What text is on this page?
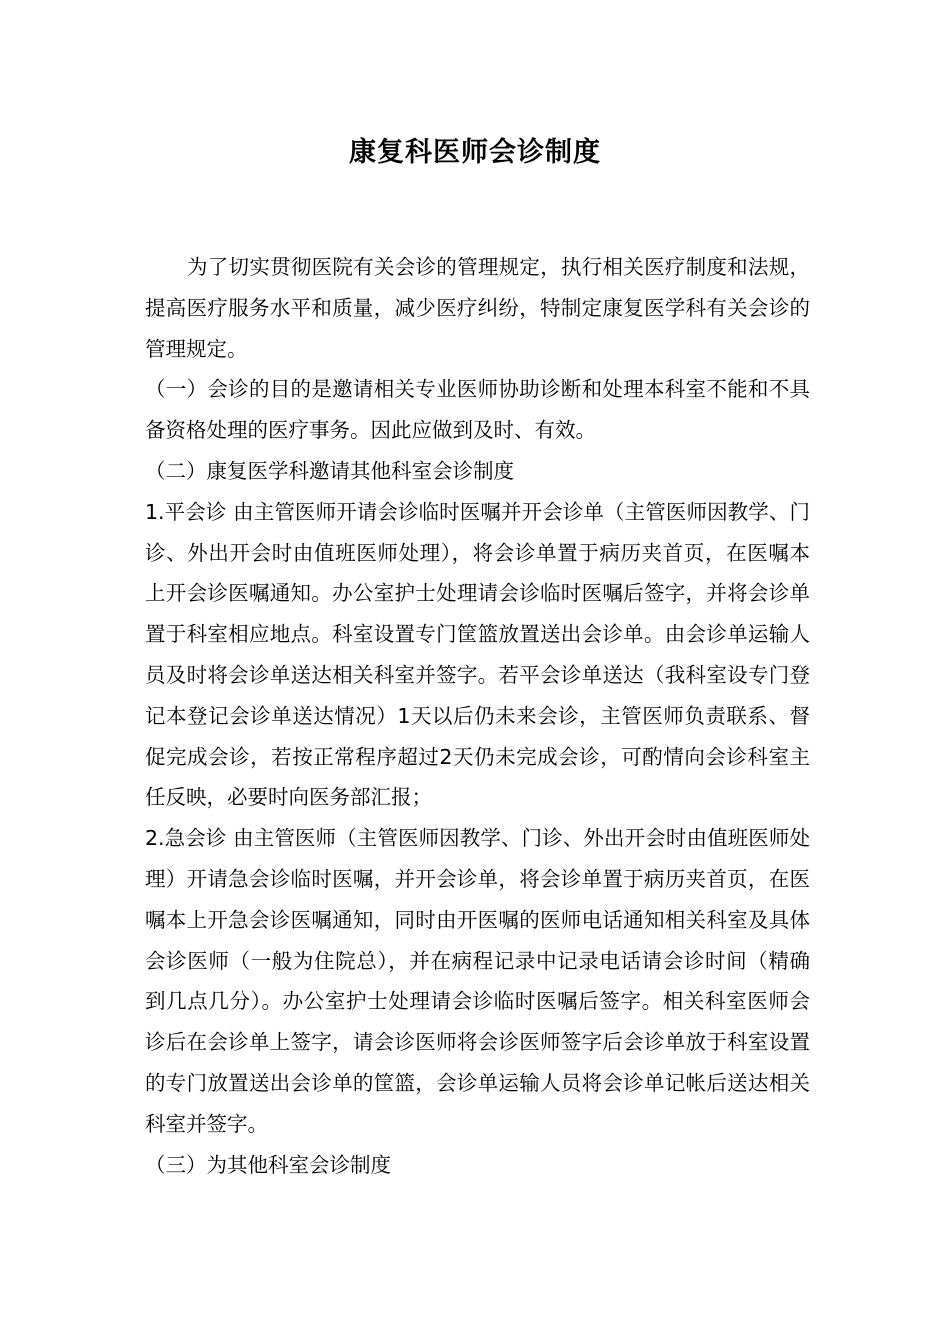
康复科医师会诊制度

为了切实贯彻医院有关会诊的管理规定，执行相关医疗制度和法规，提高医疗服务水平和质量，减少医疗纠纷，特制定康复医学科有关会诊的管理规定。

（一）会诊的目的是邀请相关专业医师协助诊断和处理本科室不能和不具备资格处理的医疗事务。因此应做到及时、有效。

（二）康复医学科邀请其他科室会诊制度

1.平会诊 由主管医师开请会诊临时医嘱并开会诊单（主管医师因教学、门诊、外出开会时由值班医师处理），将会诊单置于病历夹首页，在医嘱本上开会诊医嘱通知。办公室护士处理请会诊临时医嘱后签字，并将会诊单置于科室相应地点。科室设置专门筐篮放置送出会诊单。由会诊单运输人员及时将会诊单送达相关科室并签字。若平会诊单送达（我科室设专门登记本登记会诊单送达情况）1天以后仍未来会诊，主管医师负责联系、督促完成会诊，若按正常程序超过2天仍未完成会诊，可酌情向会诊科室主任反映，必要时向医务部汇报；

2.急会诊 由主管医师（主管医师因教学、门诊、外出开会时由值班医师处理）开请急会诊临时医嘱，并开会诊单，将会诊单置于病历夹首页，在医嘱本上开急会诊医嘱通知，同时由开医嘱的医师电话通知相关科室及具体会诊医师（一般为住院总），并在病程记录中记录电话请会诊时间（精确到几点几分）。办公室护士处理请会诊临时医嘱后签字。相关科室医师会诊后在会诊单上签字，请会诊医师将会诊医师签字后会诊单放于科室设置的专门放置送出会诊单的筐篮，会诊单运输人员将会诊单记帐后送达相关科室并签字。

（三）为其他科室会诊制度
